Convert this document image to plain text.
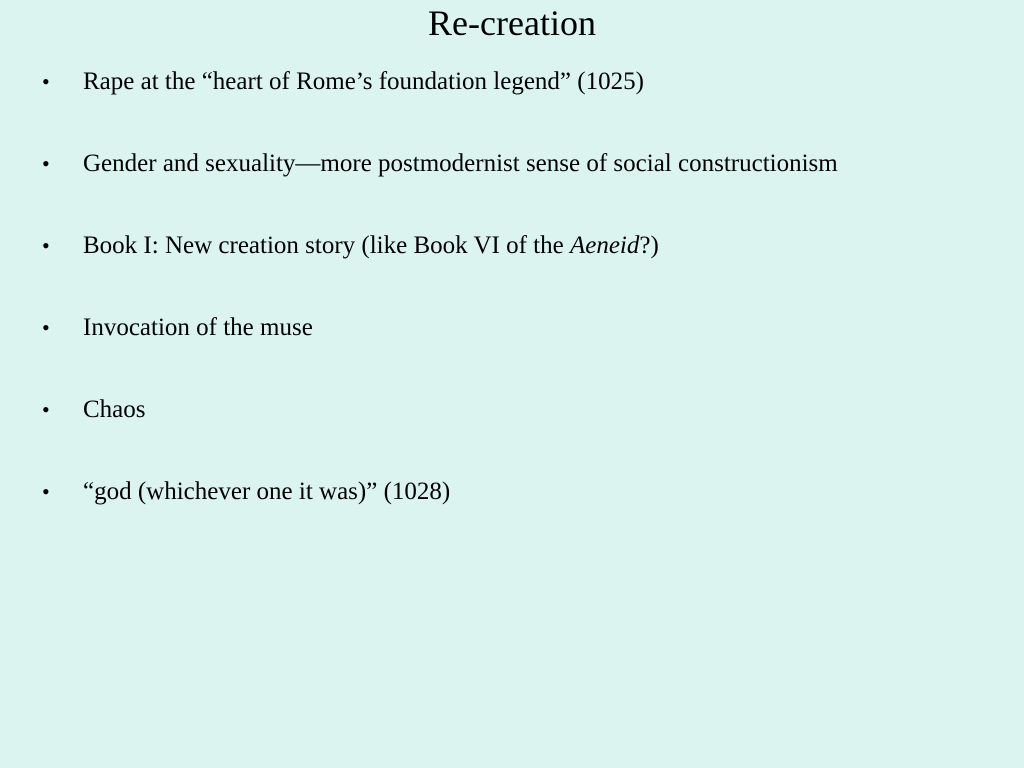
Re-creation
• Rape at the “heart of Rome’s foundation legend” (1025)
• Gender and sexuality—more postmodernist sense of social constructionism
• Book I: New creation story (like Book VI of the Aeneid?)
• Invocation of the muse
• Chaos
• “god (whichever one it was)” (1028)
